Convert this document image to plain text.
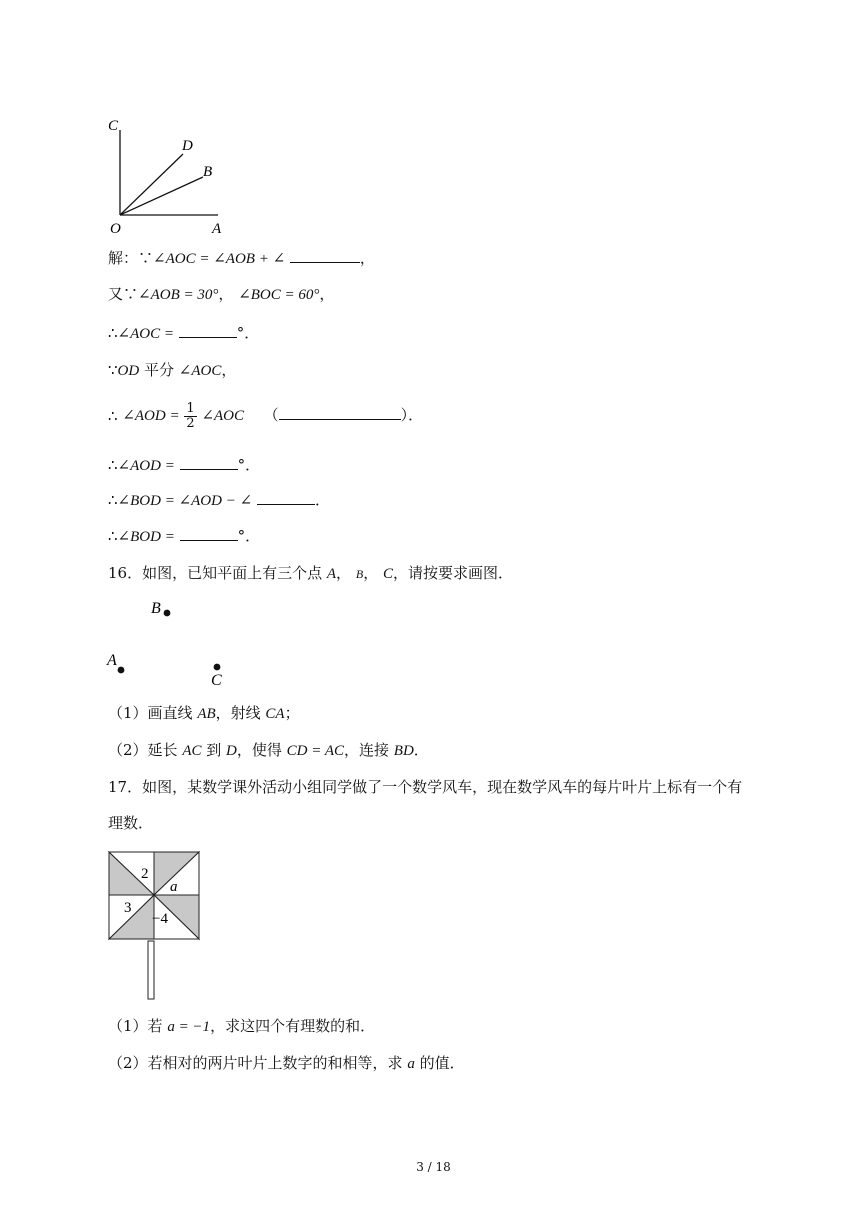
C
D
B
O	A
解：∵∠AOC = ∠AOB + ∠	，
又∵∠AOB = 30°， ∠BOC = 60°，
∴∠AOC =	°．
∵OD 平分 ∠AOC，
∴ ∠AOD = $\frac{1}{2}$ ∠AOC （	）．
∴∠AOD =	°．
∴∠BOD = ∠AOD − ∠	．
∴∠BOD =	°．
16．如图，已知平面上有三个点 A， B， C，请按要求画图．
B
A
C
（1）画直线 AB，射线 CA；
（2）延长 AC 到 D，使得 CD = AC，连接 BD．
17．如图，某数学课外活动小组同学做了一个数学风车，现在数学风车的每片叶片上标有一个有
理数．
2
a
3
−4
（1）若 a = −1，求这四个有理数的和．
（2）若相对的两片叶片上数字的和相等，求 a 的值．
3 / 18
